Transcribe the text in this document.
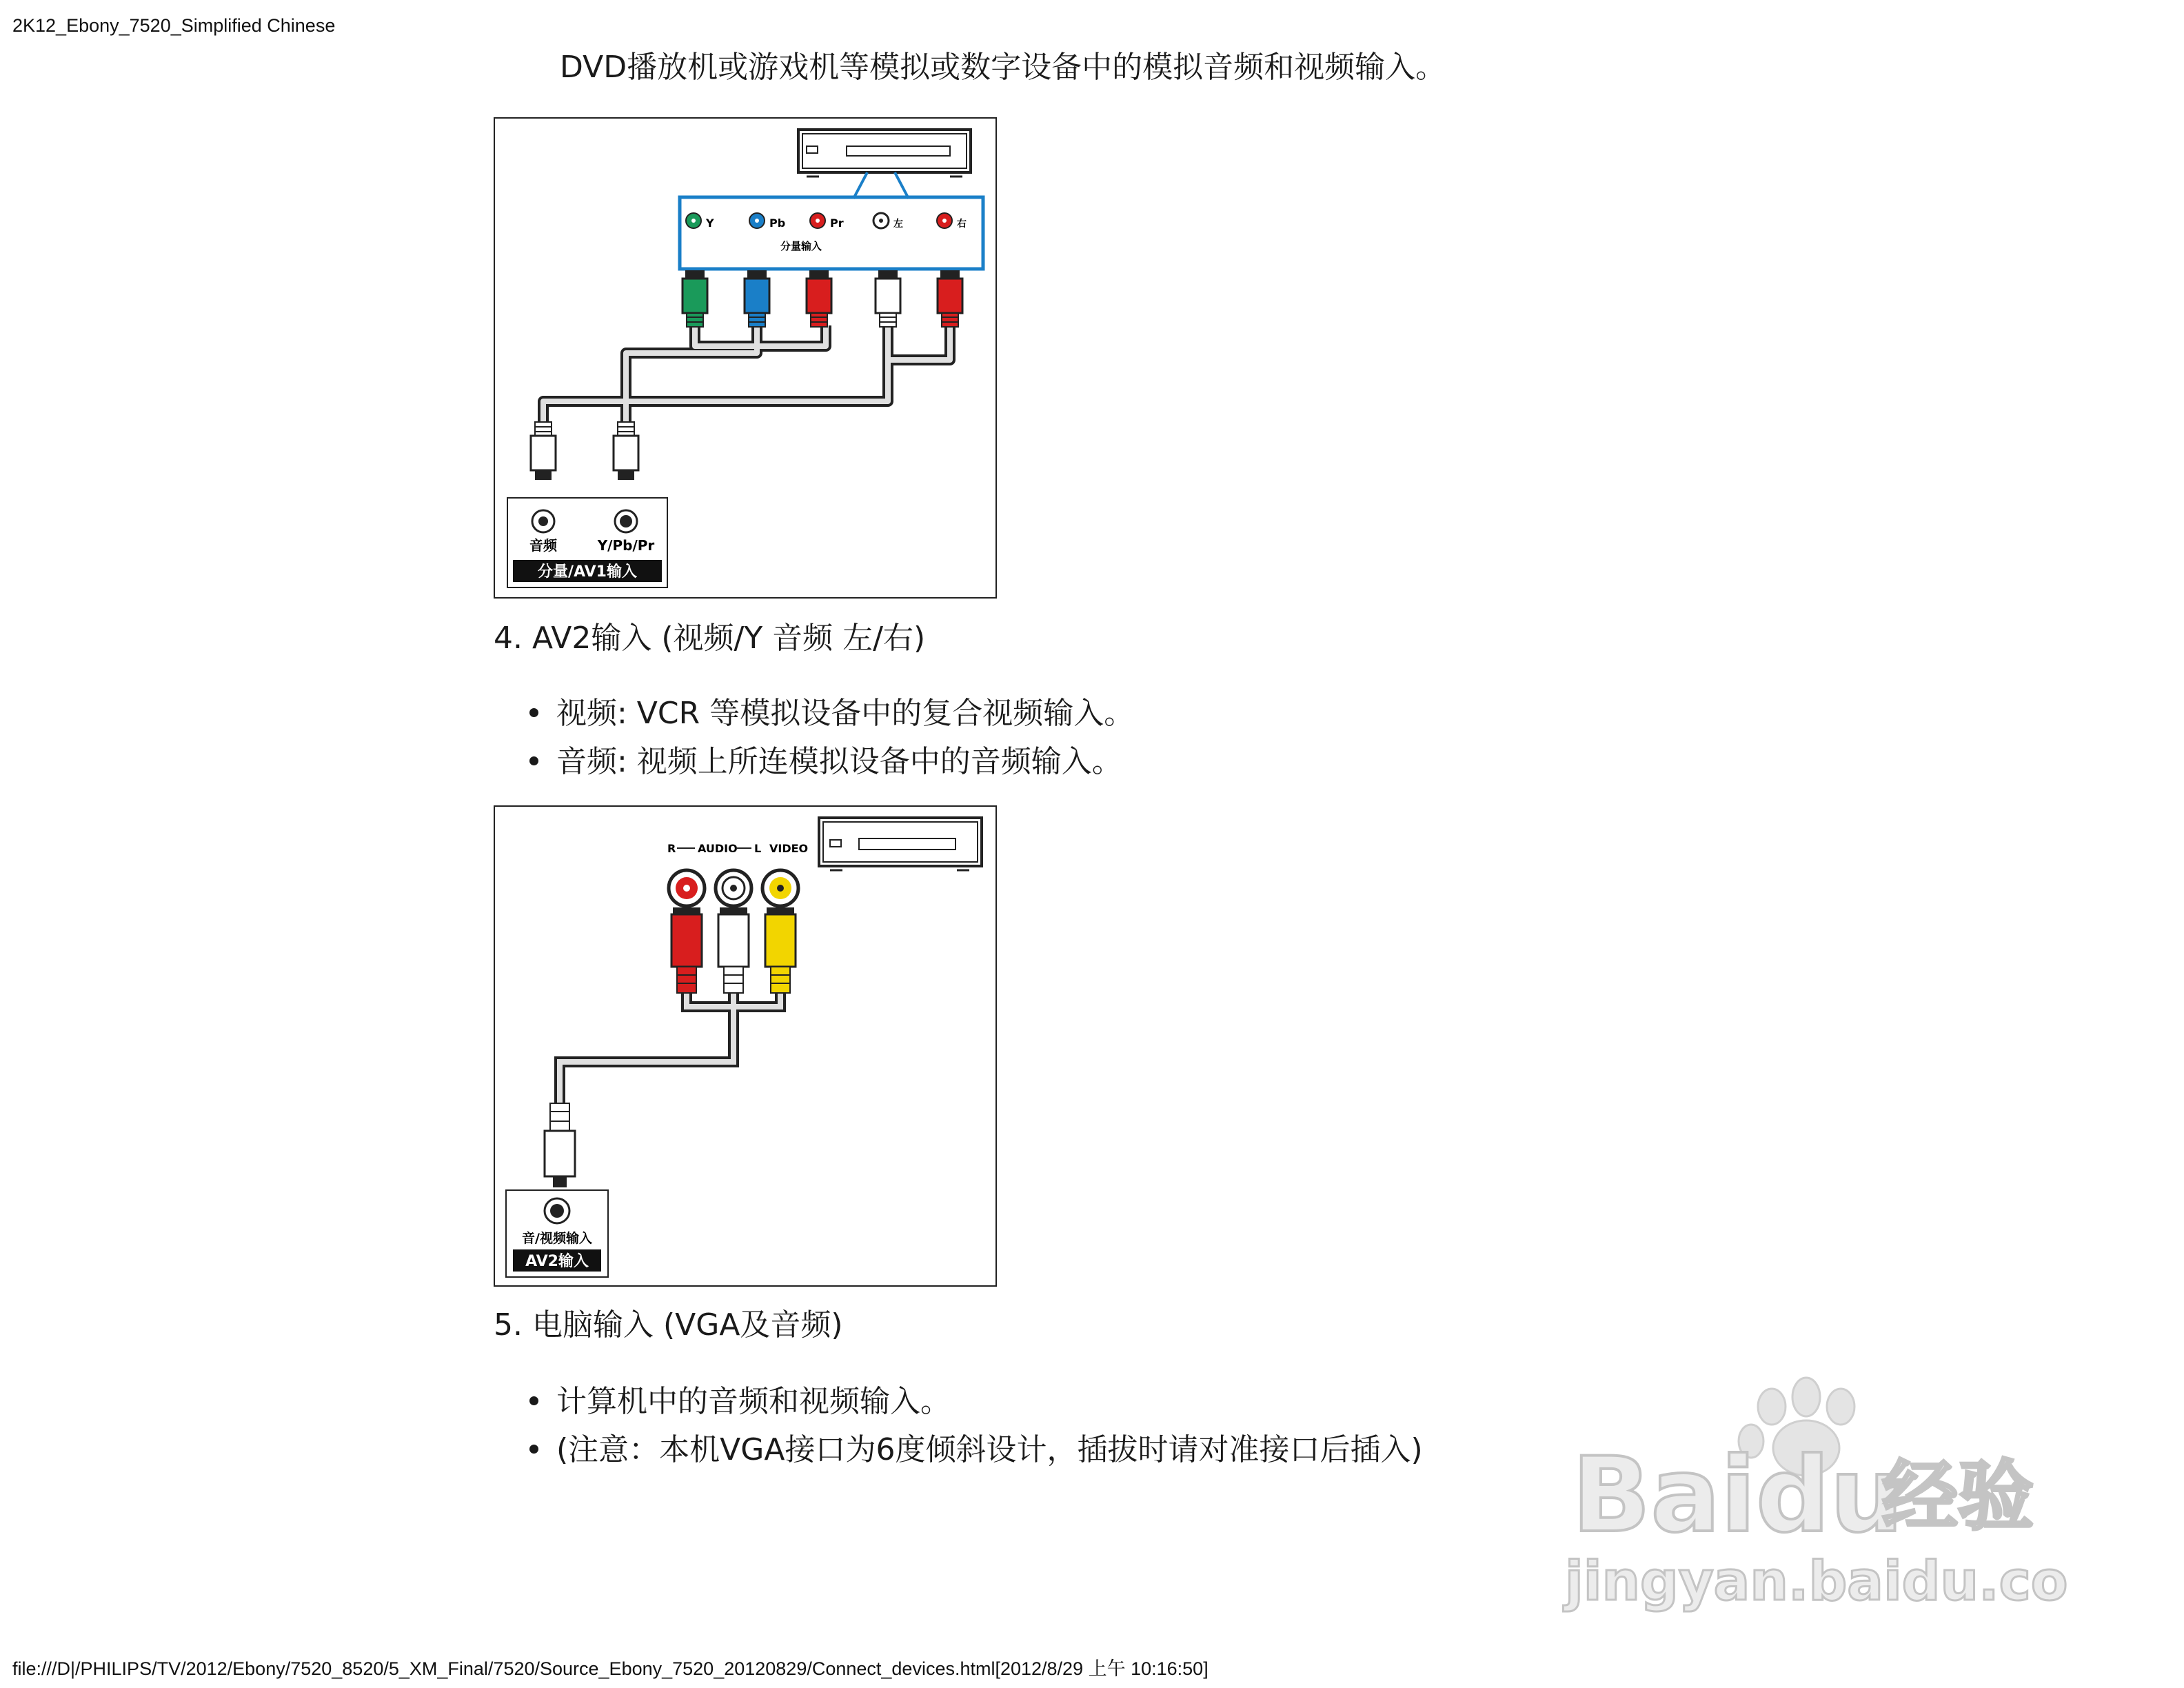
2K12_Ebony_7520_Simplified Chinese
DVD播放机或游戏机等模拟或数字设备中的模拟音频和视频输入。
Y	Pb	Pr	左	右
分量输入
音频	Y/Pb/Pr
分量/AV1输入
4. AV2输入 (视频/Y 音频 左/右)
视频: VCR 等模拟设备中的复合视频输入。
音频: 视频上所连模拟设备中的音频输入。
R AUDIO L VIDEO
音/视频输入
AV2输入
5. 电脑输入 (VGA及音频)
计算机中的音频和视频输入。
(注意：本机VGA接口为6度倾斜设计，插拔时请对准接口后插入) Baidu
经验
jingyan.baidu.com
file:///D|/PHILIPS/TV/2012/Ebony/7520_8520/5_XM_Final/7520/Source_Ebony_7520_20120829/Connect_devices.html[2012/8/29 上午 10:16:50]
